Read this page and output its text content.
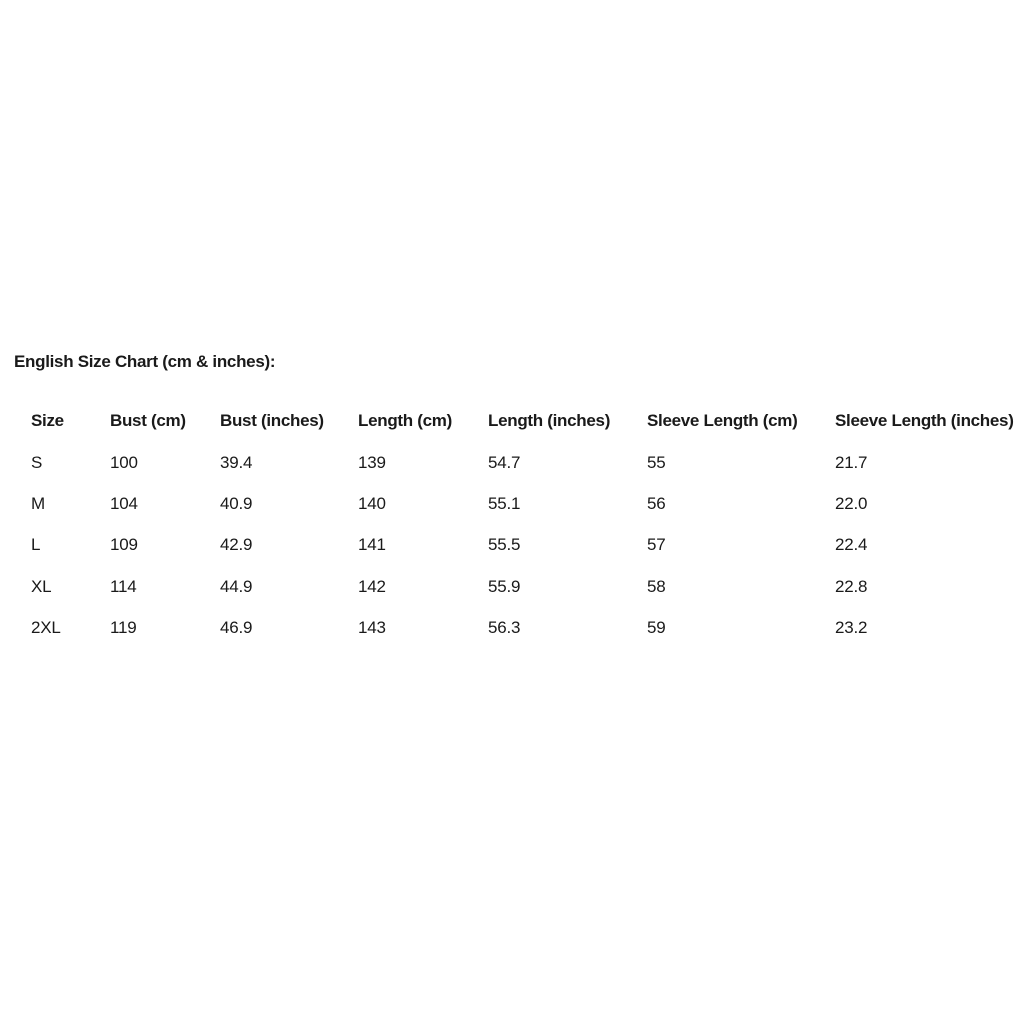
English Size Chart (cm & inches):
Size	Bust (cm)	Bust (inches)	Length (cm)	Length (inches)	Sleeve Length (cm)	Sleeve Length (inches)
S	100	39.4	139	54.7	55	21.7
M	104	40.9	140	55.1	56	22.0
L	109	42.9	141	55.5	57	22.4
XL	114	44.9	142	55.9	58	22.8
2XL	119	46.9	143	56.3	59	23.2
